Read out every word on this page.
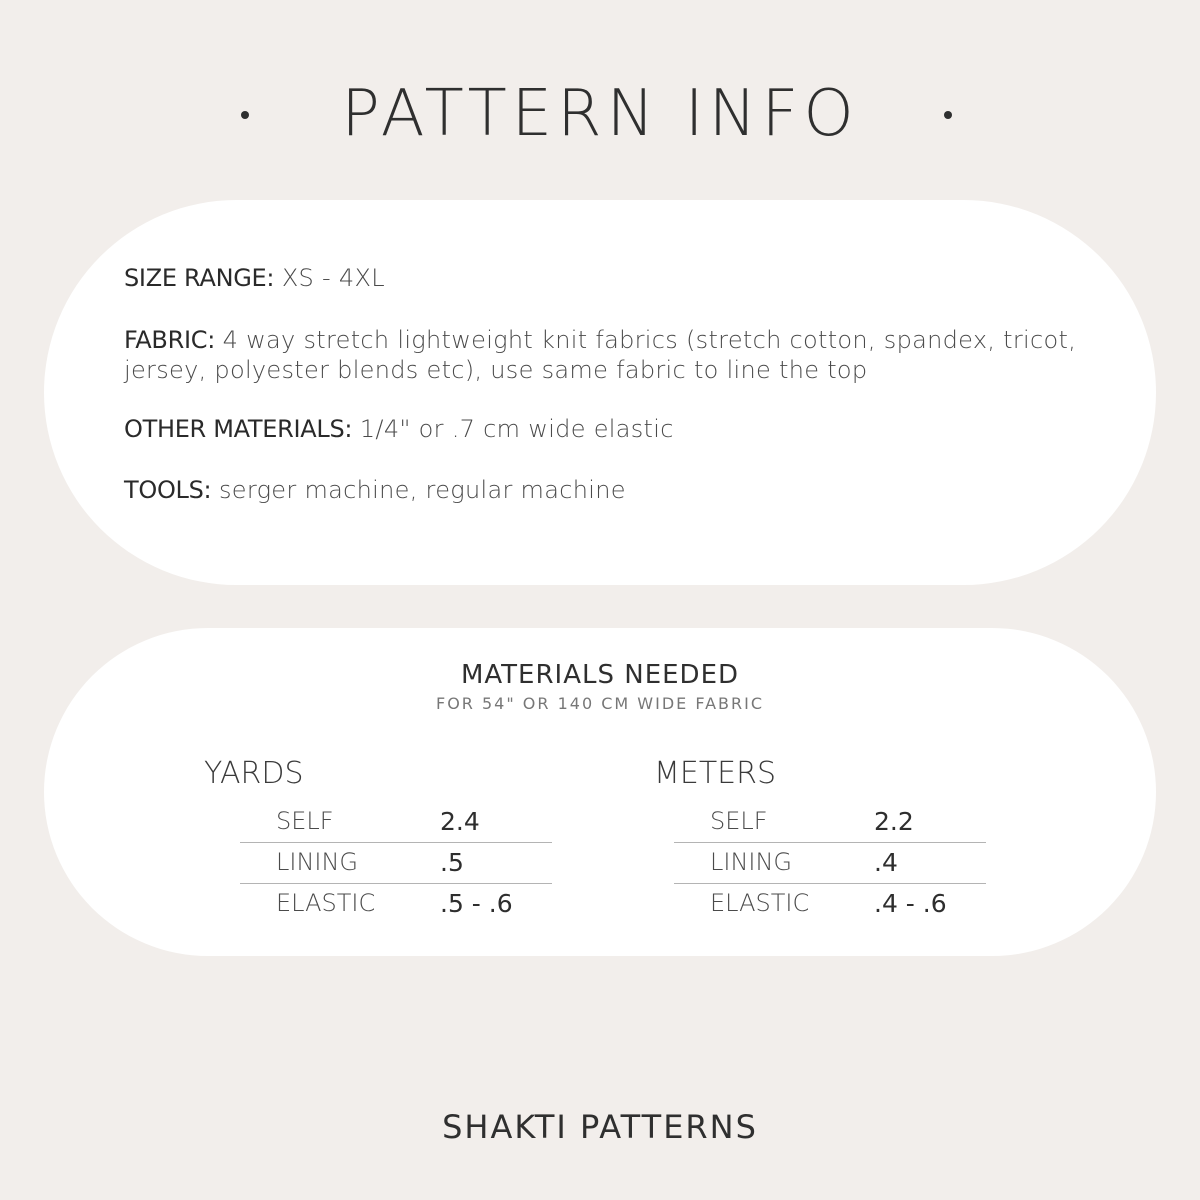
PATTERN INFO
SIZE RANGE: XS - 4XL
FABRIC: 4 way stretch lightweight knit fabrics (stretch cotton, spandex, tricot, jersey, polyester blends etc), use same fabric to line the top
OTHER MATERIALS: 1/4" or .7 cm wide elastic
TOOLS: serger machine, regular machine
MATERIALS NEEDED
FOR 54" OR 140 CM WIDE FABRIC
YARDS	METERS
SELF	2.4
LINING	.5
ELASTIC	.5 - .6
SELF	2.2
LINING	.4
ELASTIC	.4 - .6
SHAKTI PATTERNS
